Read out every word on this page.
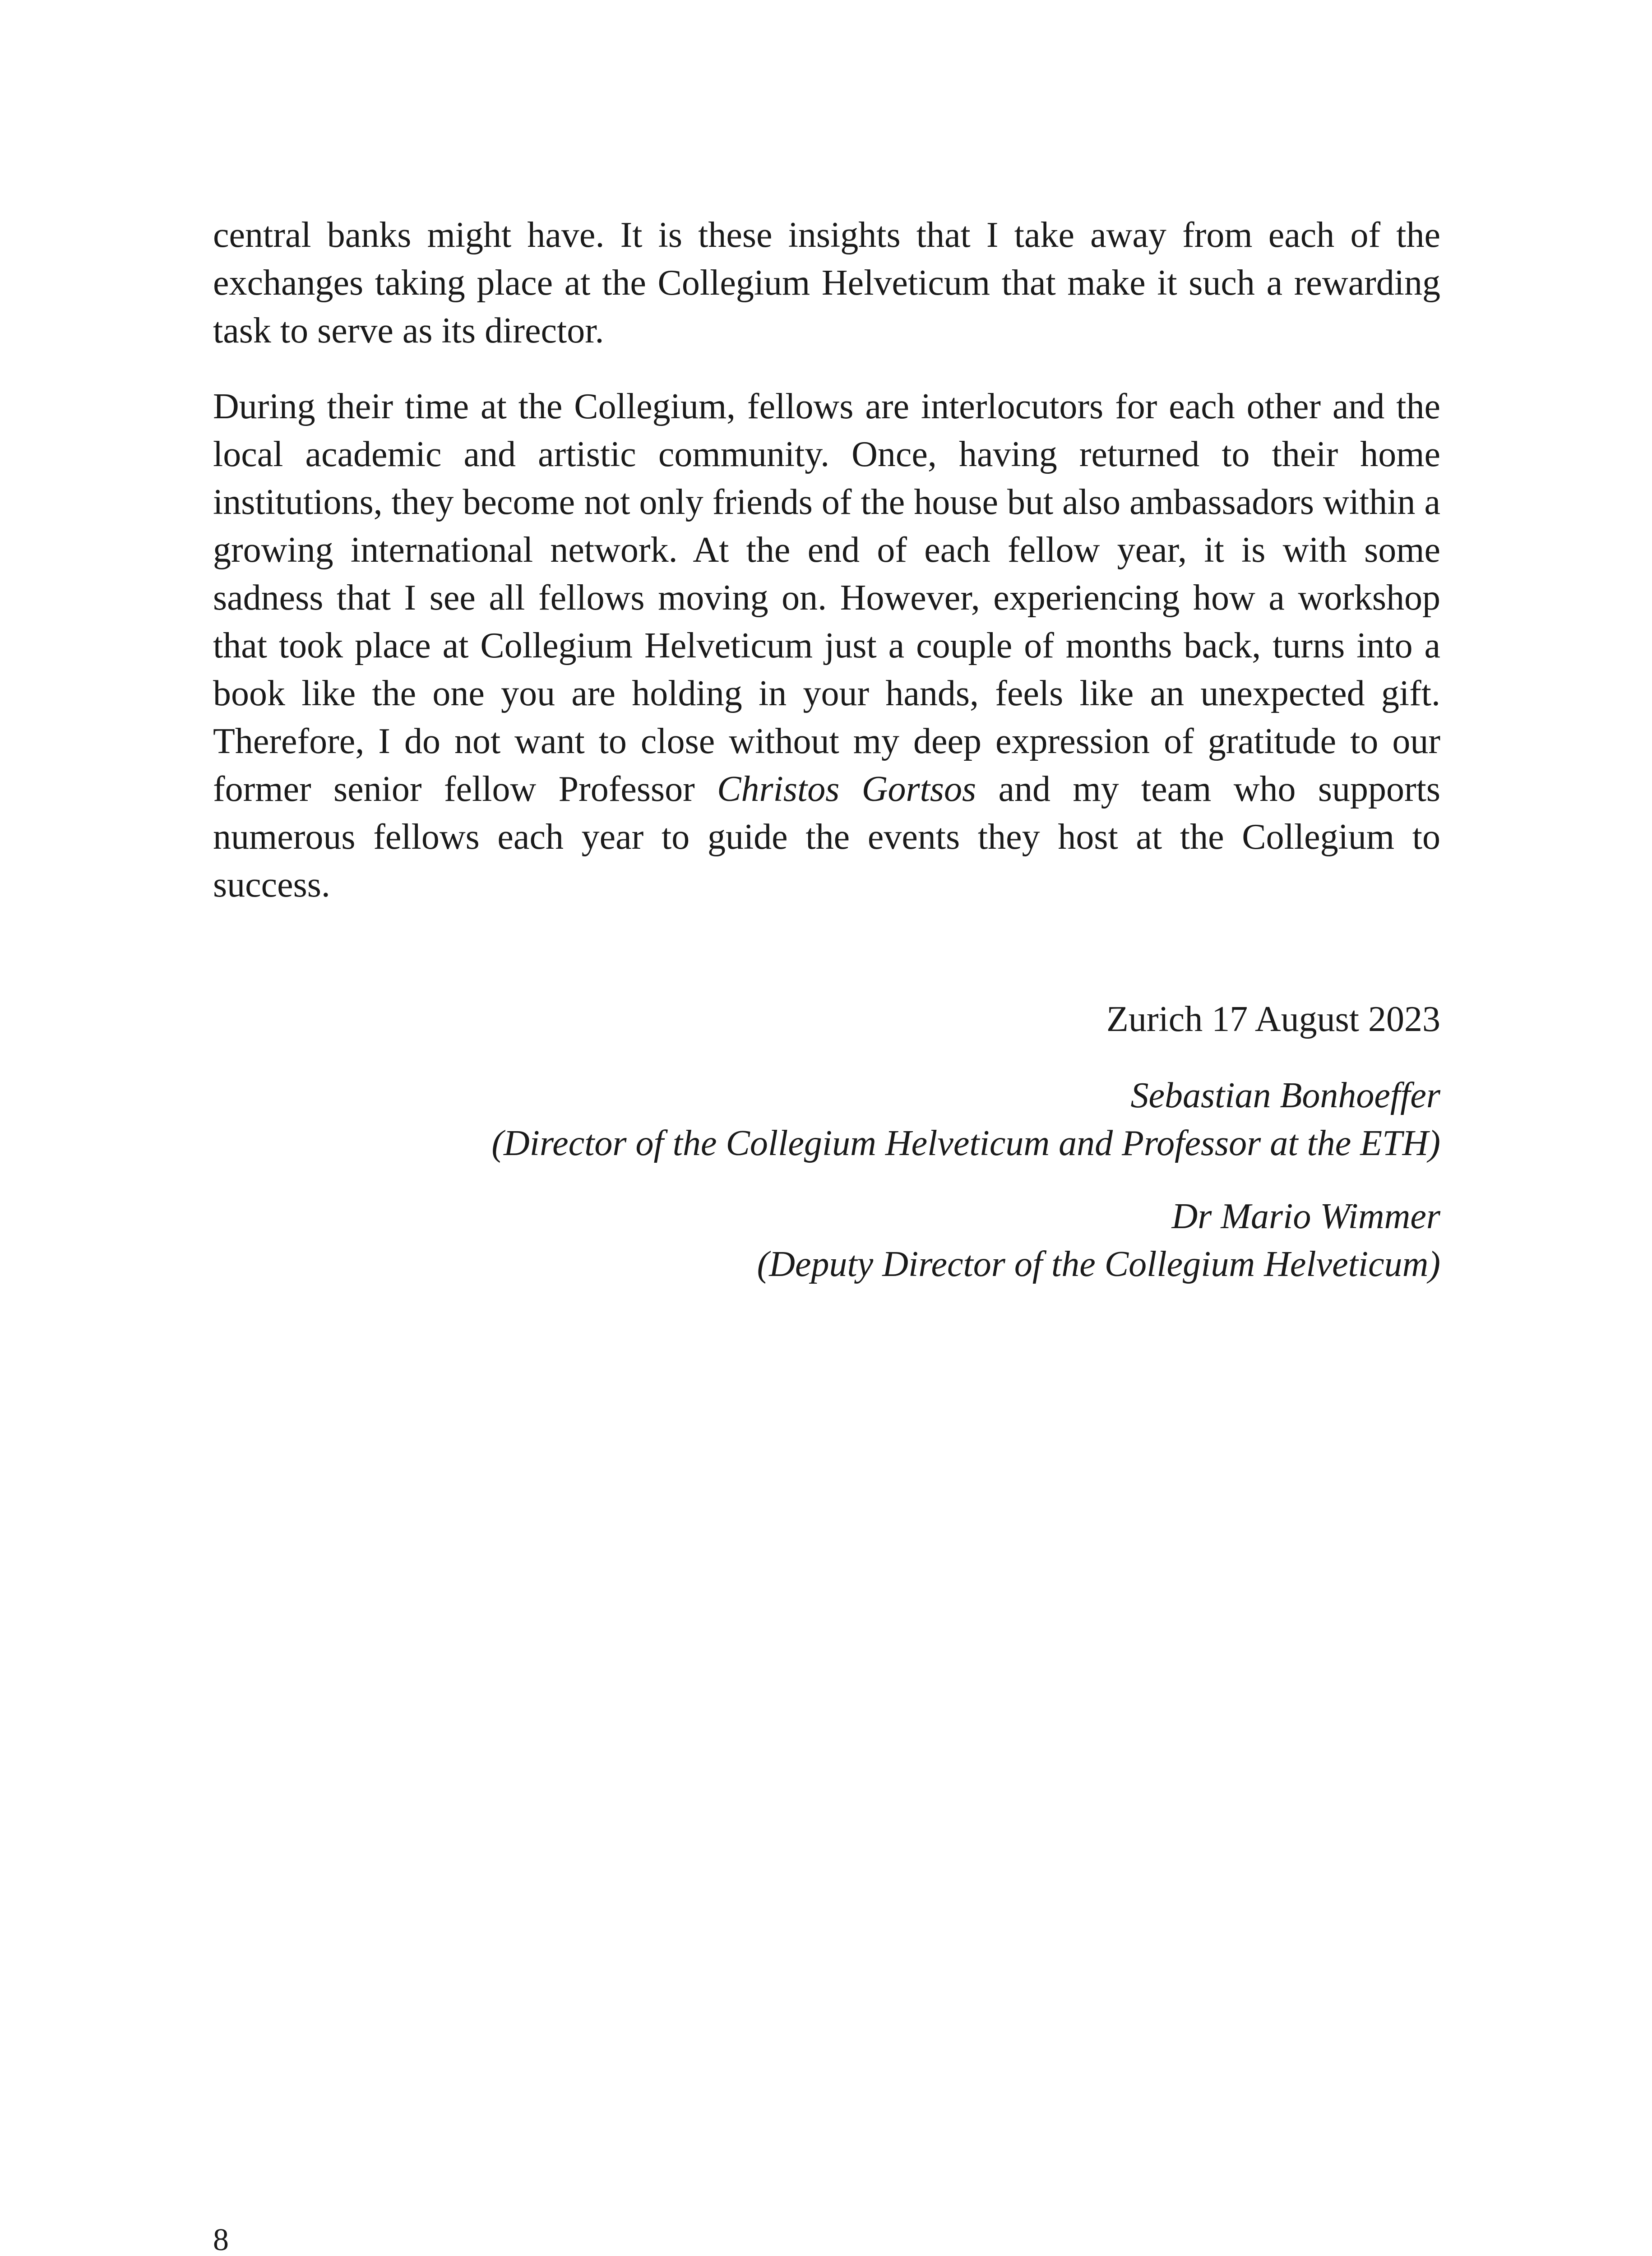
central banks might have. It is these insights that I take away from each of the exchanges taking place at the Collegium Helveticum that make it such a rewarding task to serve as its director.

During their time at the Collegium, fellows are interlocutors for each other and the local academic and artistic community. Once, having returned to their home institutions, they become not only friends of the house but also ambassadors within a growing international network. At the end of each fellow year, it is with some sadness that I see all fellows moving on. However, experiencing how a workshop that took place at Collegium Helveticum just a couple of months back, turns into a book like the one you are holding in your hands, feels like an unexpected gift. Therefore, I do not want to close without my deep expression of gratitude to our former senior fellow Professor Christos Gortsos and my team who supports numerous fellows each year to guide the events they host at the Collegium to success.

Zurich 17 August 2023
Sebastian Bonhoeffer
(Director of the Collegium Helveticum and Professor at the ETH)
Dr Mario Wimmer
(Deputy Director of the Collegium Helveticum)
8
